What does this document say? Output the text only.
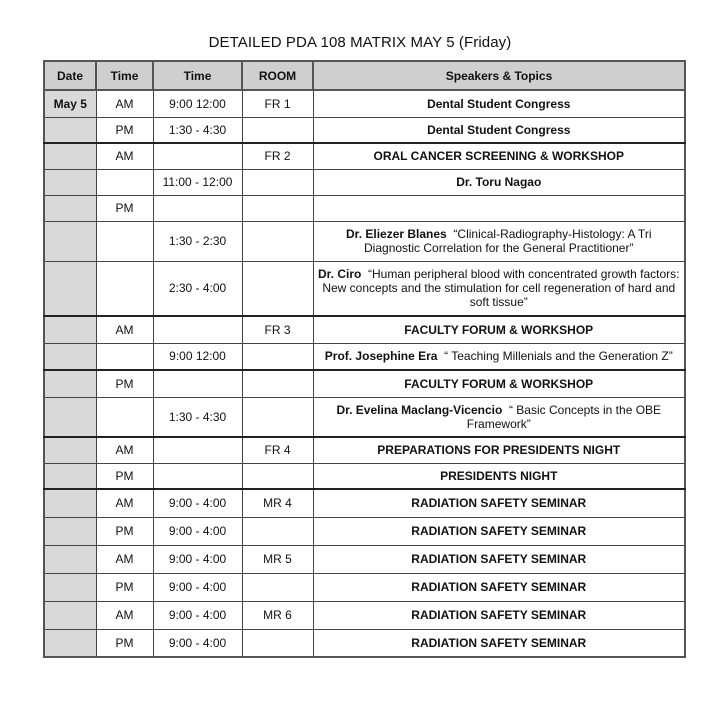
DETAILED PDA 108 MATRIX MAY 5 (Friday)
Date	Time	Time	ROOM	Speakers & Topics
May 5	AM	9:00 12:00	FR 1	Dental Student Congress
	PM	1:30 - 4:30		Dental Student Congress
	AM		FR 2	ORAL CANCER SCREENING & WORKSHOP
		11:00 - 12:00		Dr. Toru Nagao
	PM			
		1:30 - 2:30		Dr. Eliezer Blanes “Clinical-Radiography-Histology: A Tri Diagnostic Correlation for the General Practitioner”
		2:30 - 4:00		Dr. Ciro “Human peripheral blood with concentrated growth factors: New concepts and the stimulation for cell regeneration of hard and soft tissue”
	AM		FR 3	FACULTY FORUM & WORKSHOP
		9:00 12:00		Prof. Josephine Era “ Teaching Millenials and the Generation Z”
	PM			FACULTY FORUM & WORKSHOP
		1:30 - 4:30		Dr. Evelina Maclang-Vicencio “ Basic Concepts in the OBE Framework”
	AM		FR 4	PREPARATIONS FOR PRESIDENTS NIGHT
	PM			PRESIDENTS NIGHT
	AM	9:00 - 4:00	MR 4	RADIATION SAFETY SEMINAR
	PM	9:00 - 4:00		RADIATION SAFETY SEMINAR
	AM	9:00 - 4:00	MR 5	RADIATION SAFETY SEMINAR
	PM	9:00 - 4:00		RADIATION SAFETY SEMINAR
	AM	9:00 - 4:00	MR 6	RADIATION SAFETY SEMINAR
	PM	9:00 - 4:00		RADIATION SAFETY SEMINAR
